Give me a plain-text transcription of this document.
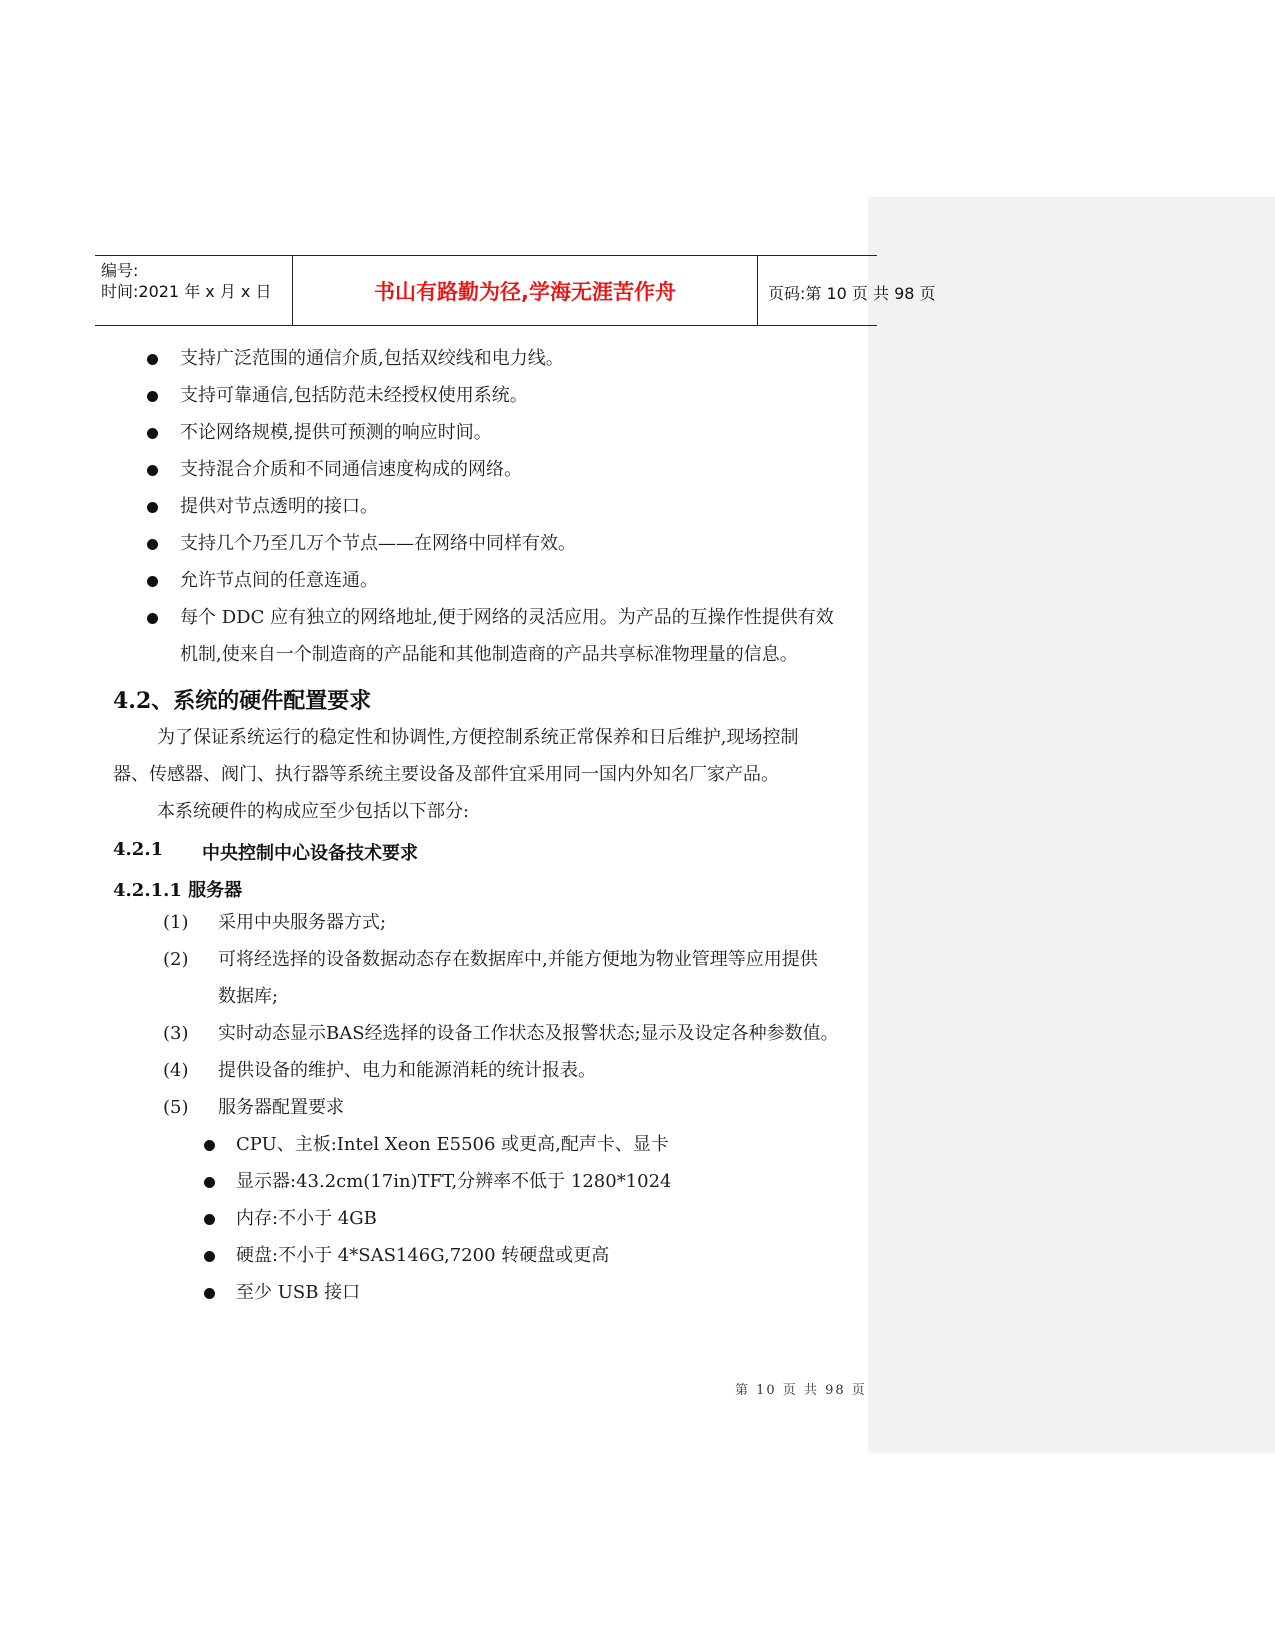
编号:
时间:2021 年 x 月 x 日	书山有路勤为径,学海无涯苦作舟	页码:第 10 页 共 98 页
支持广泛范围的通信介质,包括双绞线和电力线。
支持可靠通信,包括防范未经授权使用系统。
不论网络规模,提供可预测的响应时间。
支持混合介质和不同通信速度构成的网络。
提供对节点透明的接口。
支持几个乃至几万个节点——在网络中同样有效。
允许节点间的任意连通。
每个 DDC 应有独立的网络地址,便于网络的灵活应用。为产品的互操作性提供有效
机制,使来自一个制造商的产品能和其他制造商的产品共享标准物理量的信息。
4.2、系统的硬件配置要求
为了保证系统运行的稳定性和协调性,方便控制系统正常保养和日后维护,现场控制
器、传感器、阀门、执行器等系统主要设备及部件宜采用同一国内外知名厂家产品。
本系统硬件的构成应至少包括以下部分:
4.2.1 中央控制中心设备技术要求
4.2.1.1 服务器
(1) 采用中央服务器方式;
(2) 可将经选择的设备数据动态存在数据库中,并能方便地为物业管理等应用提供
数据库;
(3) 实时动态显示BAS经选择的设备工作状态及报警状态;显示及设定各种参数值。
(4) 提供设备的维护、电力和能源消耗的统计报表。
(5) 服务器配置要求
CPU、主板:Intel Xeon E5506 或更高,配声卡、显卡
显示器:43.2cm(17in)TFT,分辨率不低于 1280*1024
内存:不小于 4GB
硬盘:不小于 4*SAS146G,7200 转硬盘或更高
至少 USB 接口
第 10 页 共 98 页
